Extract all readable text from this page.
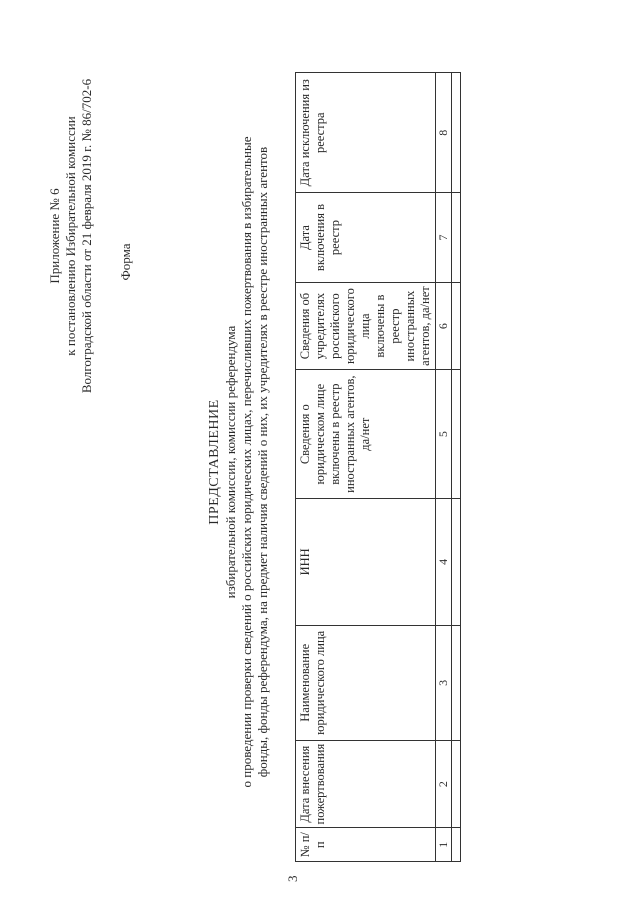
3
Приложение № 6 к постановлению Избирательной комиссии Волгоградской области от 21 февраля 2019 г. № 86/702-6 Форма
ПРЕДСТАВЛЕНИЕ избирательной комиссии, комиссии референдума о проведении проверки сведений о российских юридических лицах, перечисливших пожертвования в избирательные фонды, фонды референдума, на предмет наличия сведений о них, их учредителях в реестре иностранных агентов
№ п/п	Дата внесения пожертвования	Наименование юридического лица	ИНН	Сведения о юридическом лице включены в реестр иностранных агентов, да/нет	Сведения об учредителях российского юридического лица включены в реестр иностранных агентов, да/нет	Дата включения в реестр	Дата исключения из реестра
1	2	3	4	5	6	7	8
